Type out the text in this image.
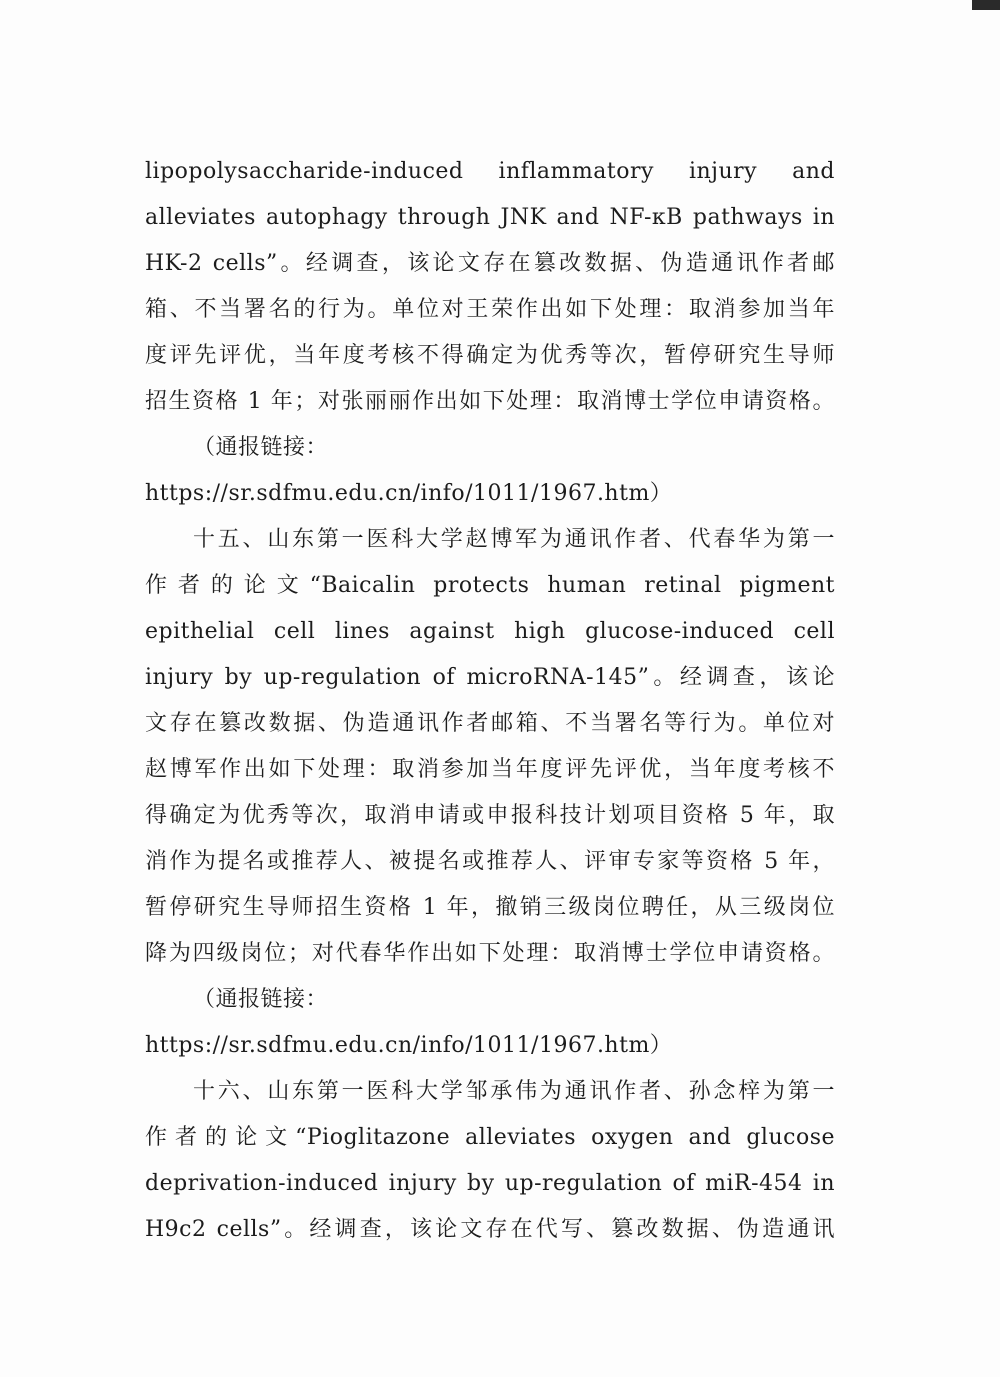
lipopolysaccharide-induced inflammatory injury and
alleviates autophagy through JNK and NF-κB pathways in
HK-2 cells”。经调查，该论文存在篡改数据、伪造通讯作者邮
箱、不当署名的行为。单位对王荣作出如下处理：取消参加当年
度评先评优，当年度考核不得确定为优秀等次，暂停研究生导师
招生资格 1 年；对张丽丽作出如下处理：取消博士学位申请资格。
（通报链接：
https://sr.sdfmu.edu.cn/info/1011/1967.htm）
十五、山东第一医科大学赵博军为通讯作者、代春华为第一
作者的论文“Baicalin protects human retinal pigment
epithelial cell lines against high glucose-induced cell
injury by up-regulation of microRNA-145”。经调查，该论
文存在篡改数据、伪造通讯作者邮箱、不当署名等行为。单位对
赵博军作出如下处理：取消参加当年度评先评优，当年度考核不
得确定为优秀等次，取消申请或申报科技计划项目资格 5 年，取
消作为提名或推荐人、被提名或推荐人、评审专家等资格 5 年，
暂停研究生导师招生资格 1 年，撤销三级岗位聘任，从三级岗位
降为四级岗位；对代春华作出如下处理：取消博士学位申请资格。
（通报链接：
https://sr.sdfmu.edu.cn/info/1011/1967.htm）
十六、山东第一医科大学邹承伟为通讯作者、孙念梓为第一
作者的论文“Pioglitazone alleviates oxygen and glucose
deprivation-induced injury by up-regulation of miR-454 in
H9c2 cells”。经调查，该论文存在代写、篡改数据、伪造通讯
